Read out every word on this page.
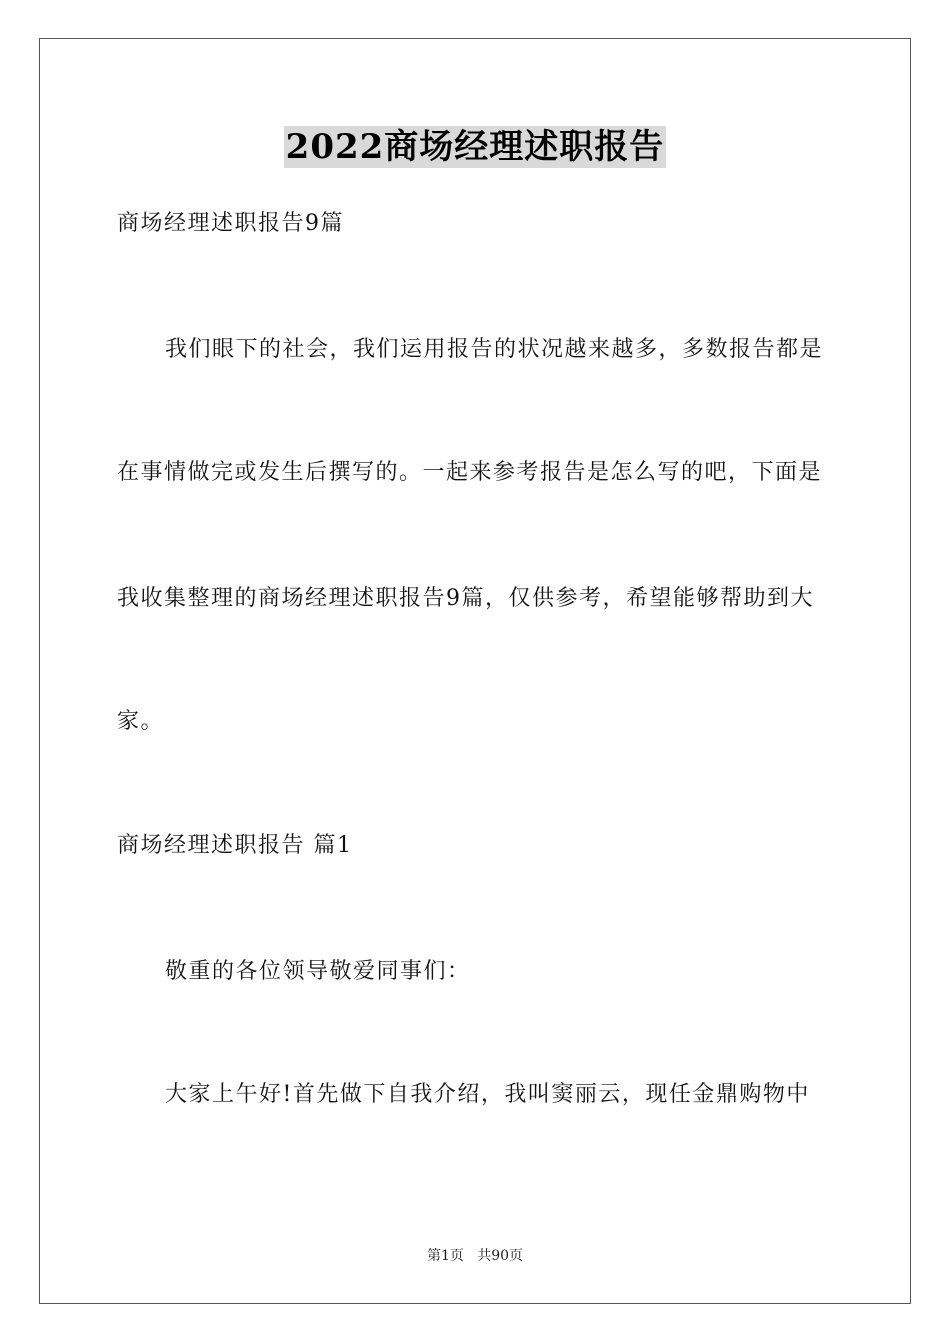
2022商场经理述职报告
商场经理述职报告9篇
我们眼下的社会，我们运用报告的状况越来越多，多数报告都是
在事情做完或发生后撰写的。一起来参考报告是怎么写的吧，下面是
我收集整理的商场经理述职报告9篇，仅供参考，希望能够帮助到大
家。
商场经理述职报告 篇1
敬重的各位领导敬爱同事们：
大家上午好!首先做下自我介绍，我叫窦丽云，现任金鼎购物中
第1页   共90页
